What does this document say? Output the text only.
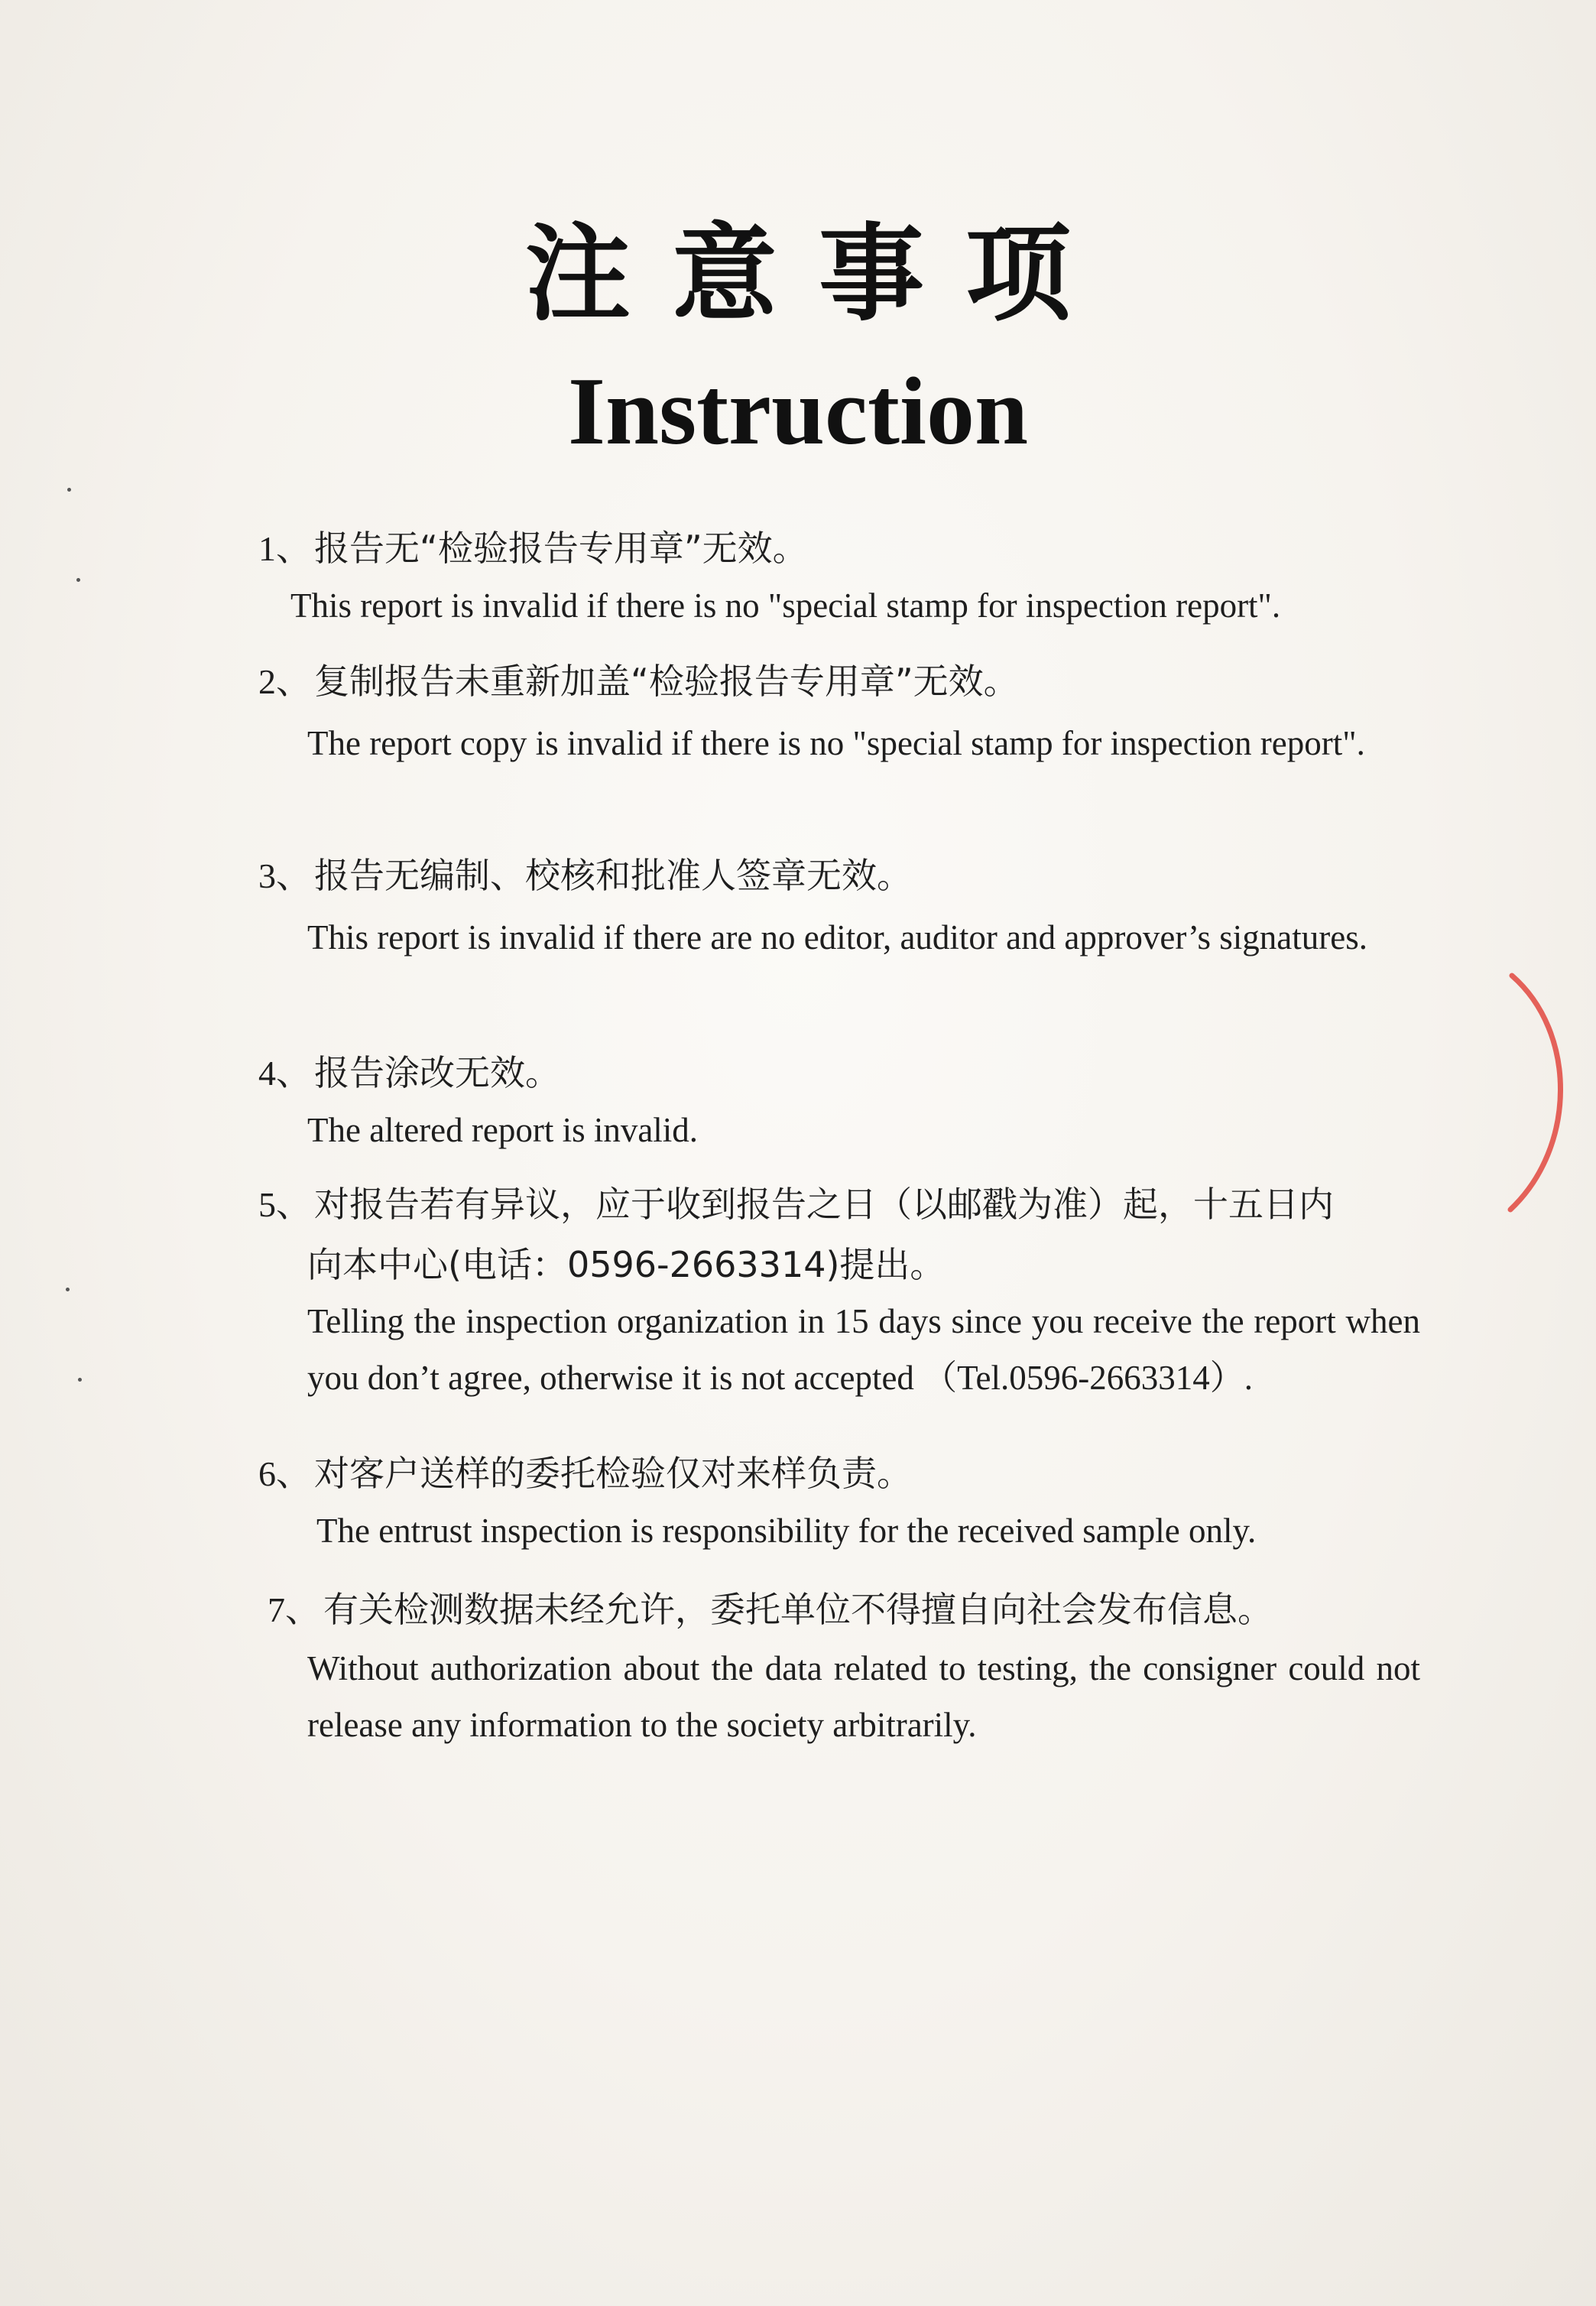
注意事项
Instruction
1、报告无“检验报告专用章”无效。
This report is invalid if there is no "special stamp for inspection report".
2、复制报告未重新加盖“检验报告专用章”无效。
The report copy is invalid if there is no "special stamp for inspection report".
3、报告无编制、校核和批准人签章无效。
This report is invalid if there are no editor, auditor and approver’s signatures.
4、报告涂改无效。
The altered report is invalid.
5、对报告若有异议，应于收到报告之日（以邮戳为准）起，十五日内
向本中心(电话：0596-2663314)提出。
Telling the inspection organization in 15 days since you receive the report when you don’t agree, otherwise it is not accepted （Tel.0596-2663314）.
6、对客户送样的委托检验仅对来样负责。
The entrust inspection is responsibility for the received sample only.
7、有关检测数据未经允许，委托单位不得擅自向社会发布信息。
Without authorization about the data related to testing, the consigner could not release any information to the society arbitrarily.
